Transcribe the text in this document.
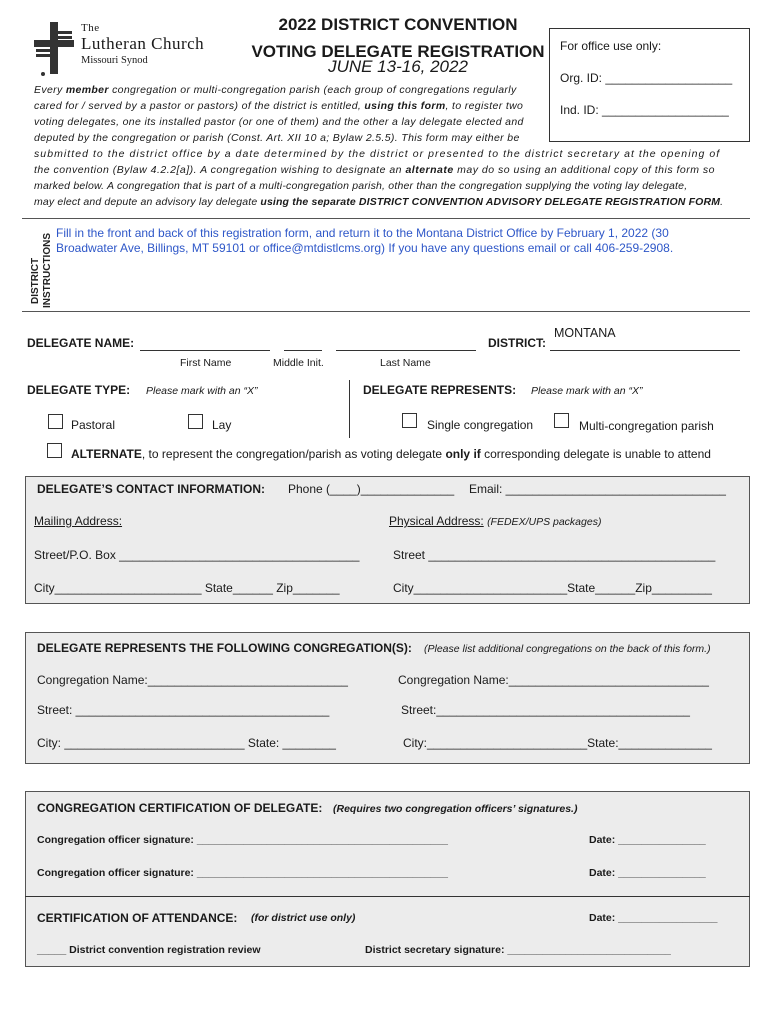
The
Lutheran Church
Missouri Synod
2022 DISTRICT CONVENTION
VOTING DELEGATE REGISTRATION
JUNE 13-16, 2022
For office use only:
Org. ID: ___________________
Ind. ID: ___________________
Every member congregation or multi-congregation parish (each group of congregations regularly
cared for / served by a pastor or pastors) of the district is entitled, using this form, to register two
voting delegates, one its installed pastor (or one of them) and the other a lay delegate elected and
deputed by the congregation or parish (Const. Art. XII 10 a; Bylaw 2.5.5). This form may either be
submitted to the district office by a date determined by the district or presented to the district secretary at the opening of
the convention (Bylaw 4.2.2[a]). A congregation wishing to designate an alternate may do so using an additional copy of this form so
marked below. A congregation that is part of a multi-congregation parish, other than the congregation supplying the voting lay delegate,
may elect and depute an advisory lay delegate using the separate DISTRICT CONVENTION ADVISORY DELEGATE REGISTRATION FORM.
DISTRICT INSTRUCTIONS Fill in the front and back of this registration form, and return it to the Montana District Office by February 1, 2022 (30 Broadwater Ave, Billings, MT 59101 or office@mtdistlcms.org) If you have any questions email or call 406-259-2908.
DELEGATE NAME:
First Name	Middle Init.	Last Name
DISTRICT:
MONTANA
DELEGATE TYPE: Please mark with an “X”	DELEGATE REPRESENTS: Please mark with an “X”
Pastoral	Lay	Single congregation	Multi-congregation parish
ALTERNATE, to represent the congregation/parish as voting delegate only if corresponding delegate is unable to attend
DELEGATE’S CONTACT INFORMATION: Phone (____)______________ Email: _________________________________
Mailing Address:	Physical Address: (FEDEX/UPS packages)
Street/P.O. Box ____________________________________	Street ___________________________________________
City______________________ State______ Zip_______	City_______________________State______Zip_________
DELEGATE REPRESENTS THE FOLLOWING CONGREGATION(S): (Please list additional congregations on the back of this form.)
Congregation Name:______________________________	Congregation Name:______________________________
Street: ______________________________________	Street:______________________________________
City: ___________________________ State: ________	City:________________________State:______________
CONGREGATION CERTIFICATION OF DELEGATE: (Requires two congregation officers’ signatures.)
Congregation officer signature: ___________________________________________	Date: _______________
Congregation officer signature: ___________________________________________	Date: _______________
CERTIFICATION OF ATTENDANCE: (for district use only)	Date: _________________
_____ District convention registration review	District secretary signature: ____________________________
